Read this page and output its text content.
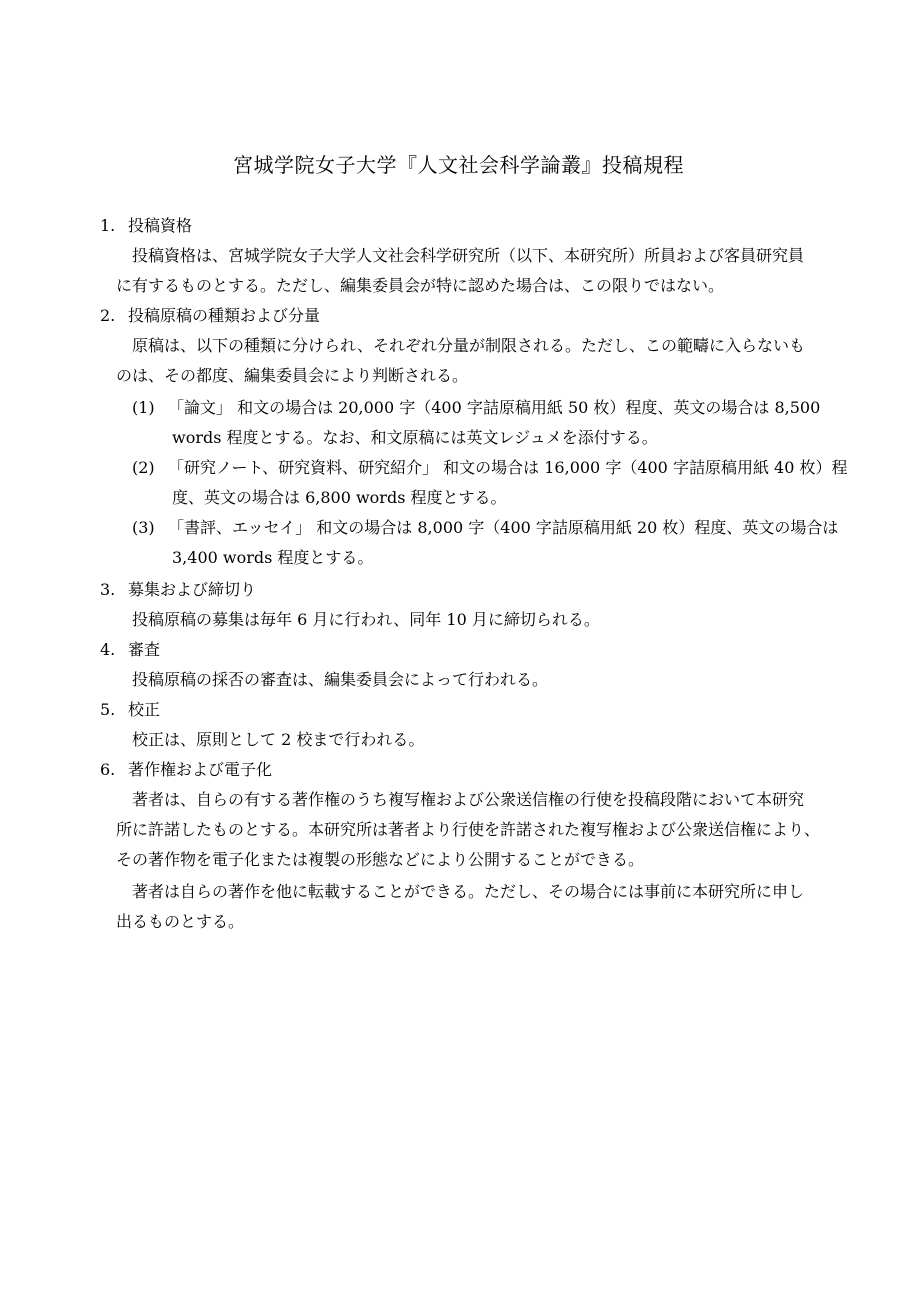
宮城学院女子大学『人文社会科学論叢』投稿規程
1. 投稿資格

投稿資格は、宮城学院女子大学人文社会科学研究所（以下、本研究所）所員および客員研究員

に有するものとする。ただし、編集委員会が特に認めた場合は、この限りではない。

2. 投稿原稿の種類および分量

原稿は、以下の種類に分けられ、それぞれ分量が制限される。ただし、この範疇に入らないも

のは、その都度、編集委員会により判断される。

(1) 「論文」 和文の場合は 20,000 字（400 字詰原稿用紙 50 枚）程度、英文の場合は 8,500

words 程度とする。なお、和文原稿には英文レジュメを添付する。

(2) 「研究ノート、研究資料、研究紹介」 和文の場合は 16,000 字（400 字詰原稿用紙 40 枚）程

度、英文の場合は 6,800 words 程度とする。

(3) 「書評、エッセイ」 和文の場合は 8,000 字（400 字詰原稿用紙 20 枚）程度、英文の場合は

3,400 words 程度とする。

3. 募集および締切り

投稿原稿の募集は毎年 6 月に行われ、同年 10 月に締切られる。

4. 審査

投稿原稿の採否の審査は、編集委員会によって行われる。

5. 校正

校正は、原則として 2 校まで行われる。

6. 著作権および電子化

著者は、自らの有する著作権のうち複写権および公衆送信権の行使を投稿段階において本研究

所に許諾したものとする。本研究所は著者より行使を許諾された複写権および公衆送信権により、

その著作物を電子化または複製の形態などにより公開することができる。

著者は自らの著作を他に転載することができる。ただし、その場合には事前に本研究所に申し

出るものとする。
